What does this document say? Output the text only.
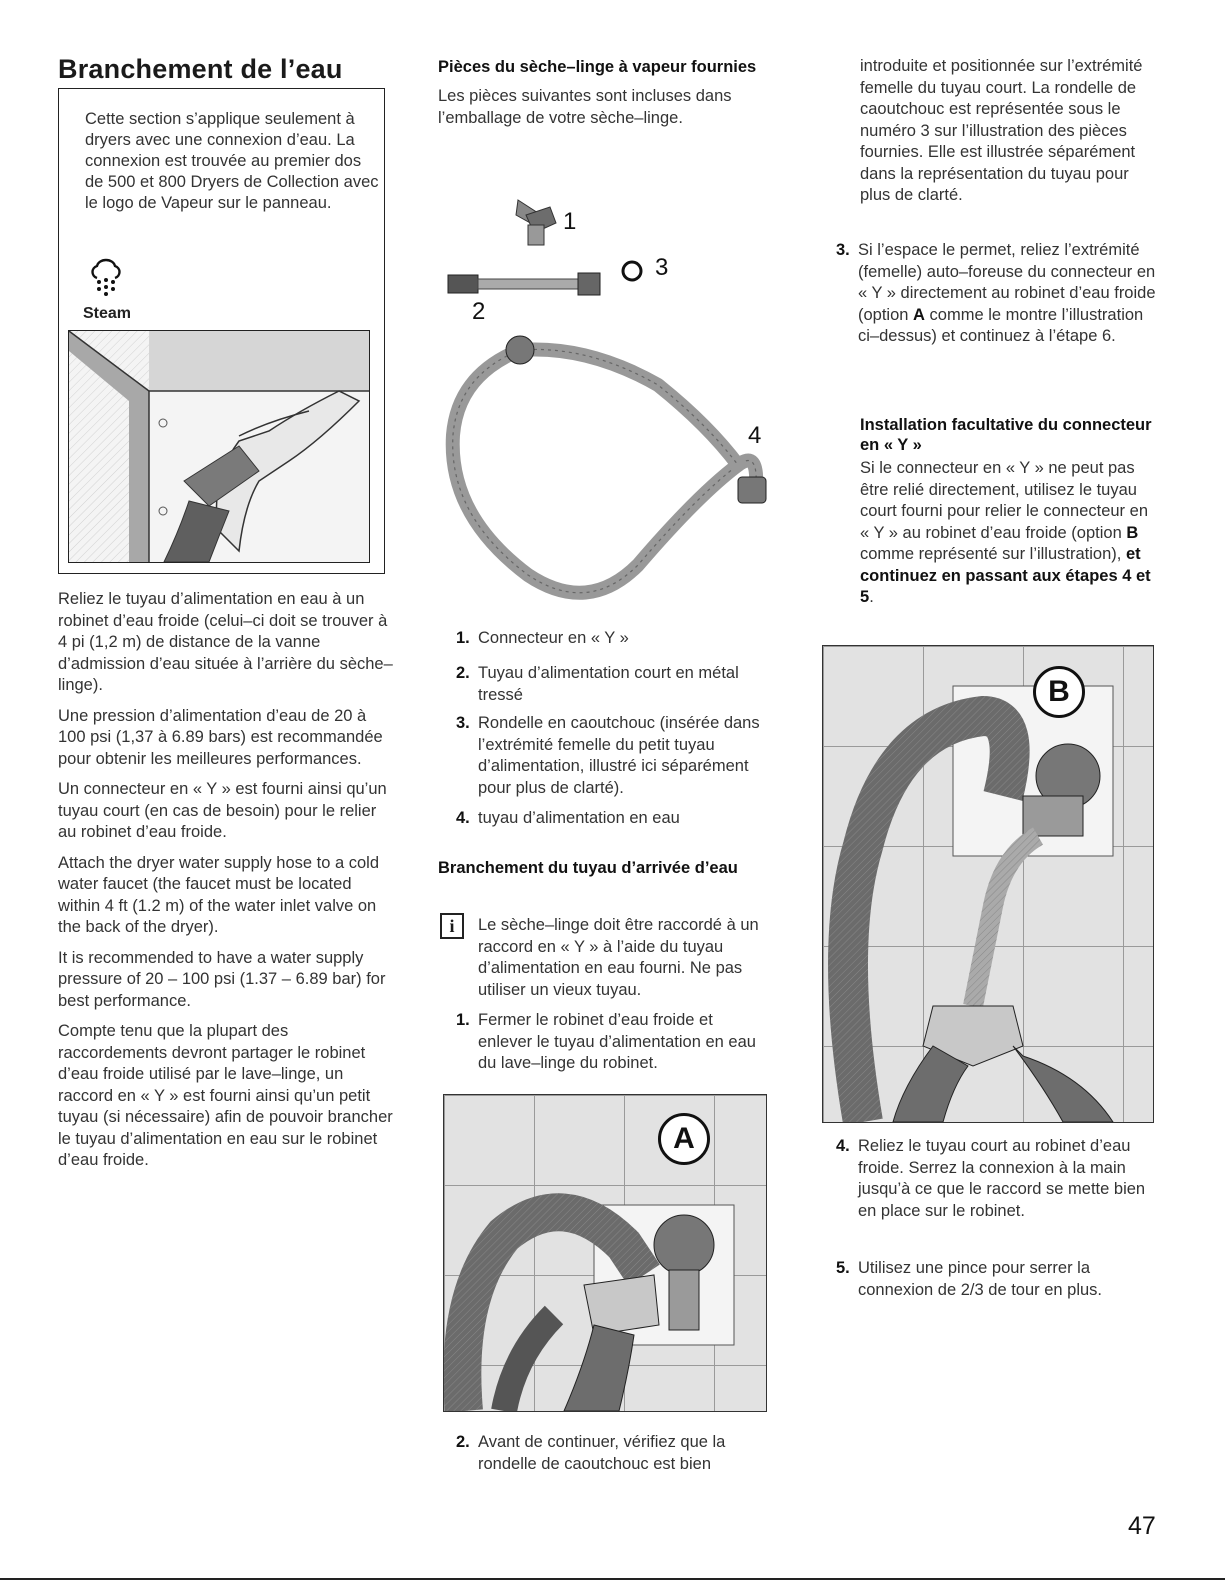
Branchement de l’eau

Cette section s’applique seulement à dryers avec une connexion d’eau. La connexion est trouvée au premier dos de 500 et 800 Dryers de Collection avec le logo de Vapeur sur le panneau.

Steam

Reliez le tuyau d’alimentation en eau à un robinet d’eau froide (celui–ci doit se trouver à 4 pi (1,2 m) de distance de la vanne d’admission d’eau située à l’arrière du sèche–linge).

Une pression d’alimentation d’eau de 20 à 100 psi (1,37 à 6.89 bars) est recommandée pour obtenir les meilleures performances.

Un connecteur en « Y » est fourni ainsi qu’un tuyau court (en cas de besoin) pour le relier au robinet d’eau froide.

Attach the dryer water supply hose to a cold water faucet (the faucet must be located within 4 ft (1.2 m) of the water inlet valve on the back of the dryer).

It is recommended to have a water supply pressure of 20 – 100 psi (1.37 – 6.89 bar) for best performance.

Compte tenu que la plupart des raccordements devront partager le robinet d’eau froide utilisé par le lave–linge, un raccord en « Y » est fourni ainsi qu’un petit tuyau (si nécessaire) afin de pouvoir brancher le tuyau d’alimentation en eau sur le robinet d’eau froide.

Pièces du sèche–linge à vapeur fournies

Les pièces suivantes sont incluses dans l’emballage de votre sèche–linge.

1
2
3
4
1. Connecteur en « Y »
2. Tuyau d’alimentation court en métal tressé
3. Rondelle en caoutchouc (insérée dans l’extrémité femelle du petit tuyau d’alimentation, illustré ici séparément pour plus de clarté).
4. tuyau d’alimentation en eau
Branchement du tuyau d’arrivée d’eau
i	Le sèche–linge doit être raccordé à un raccord en « Y » à l’aide du tuyau d’alimentation en eau fourni. Ne pas utiliser un vieux tuyau.

1. Fermer le robinet d’eau froide et enlever le tuyau d’alimentation en eau du lave–linge du robinet.
A
2. Avant de continuer, vérifiez que la rondelle de caoutchouc est bien

introduite et positionnée sur l’extrémité femelle du tuyau court. La rondelle de caoutchouc est représentée sous le numéro 3 sur l’illustration des pièces fournies. Elle est illustrée séparément dans la représentation du tuyau pour plus de clarté.

3. Si l’espace le permet, reliez l’extrémité (femelle) auto–foreuse du connecteur en « Y » directement au robinet d’eau froide (option A comme le montre l’illustration ci–dessus) et continuez à l’étape 6.
Installation facultative du connecteur en « Y »

Si le connecteur en « Y » ne peut pas être relié directement, utilisez le tuyau court fourni pour relier le connecteur en « Y » au robinet d’eau froide (option B comme représenté sur l’illustration), et continuez en passant aux étapes 4 et 5.

B
4. Reliez le tuyau court au robinet d’eau froide. Serrez la connexion à la main jusqu’à ce que le raccord se mette bien en place sur le robinet.
5. Utilisez une pince pour serrer la connexion de 2/3 de tour en plus.
47
